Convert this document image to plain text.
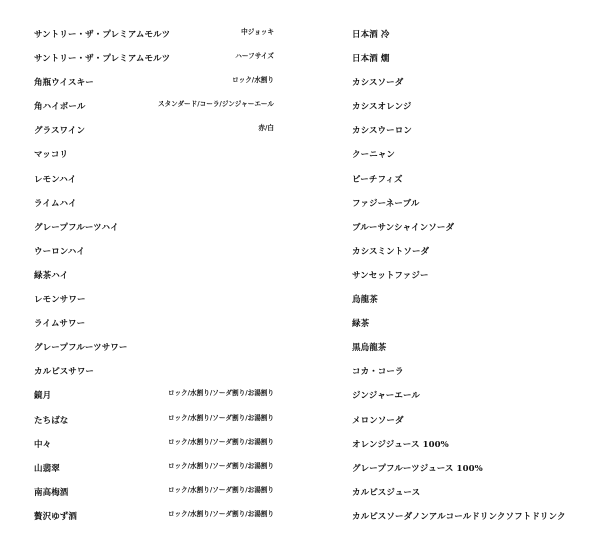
サントリー・ザ・プレミアムモルツ	中ジョッキ
サントリー・ザ・プレミアムモルツ	ハーフサイズ
角瓶ウイスキー	ロック/水割り
角ハイボール	スタンダード/コーラ/ジンジャーエール
グラスワイン	赤/白
マッコリ
レモンハイ
ライムハイ
グレープフルーツハイ
ウーロンハイ
緑茶ハイ
レモンサワー
ライムサワー
グレープフルーツサワー
カルピスサワー
鏡月	ロック/水割り/ソーダ割り/お湯割り
たちばな	ロック/水割り/ソーダ割り/お湯割り
中々	ロック/水割り/ソーダ割り/お湯割り
山翡翠	ロック/水割り/ソーダ割り/お湯割り
南高梅酒	ロック/水割り/ソーダ割り/お湯割り
贅沢ゆず酒	ロック/水割り/ソーダ割り/お湯割り
日本酒 冷
日本酒 燗
カシスソーダ
カシスオレンジ
カシスウーロン
クーニャン
ピーチフィズ
ファジーネーブル
ブルーサンシャインソーダ
カシスミントソーダ
サンセットファジー
烏龍茶
緑茶
黒烏龍茶
コカ・コーラ
ジンジャーエール
メロンソーダ
オレンジジュース 100%
グレープフルーツジュース 100%
カルピスジュース
カルピスソーダノンアルコールドリンクソフトドリンク
